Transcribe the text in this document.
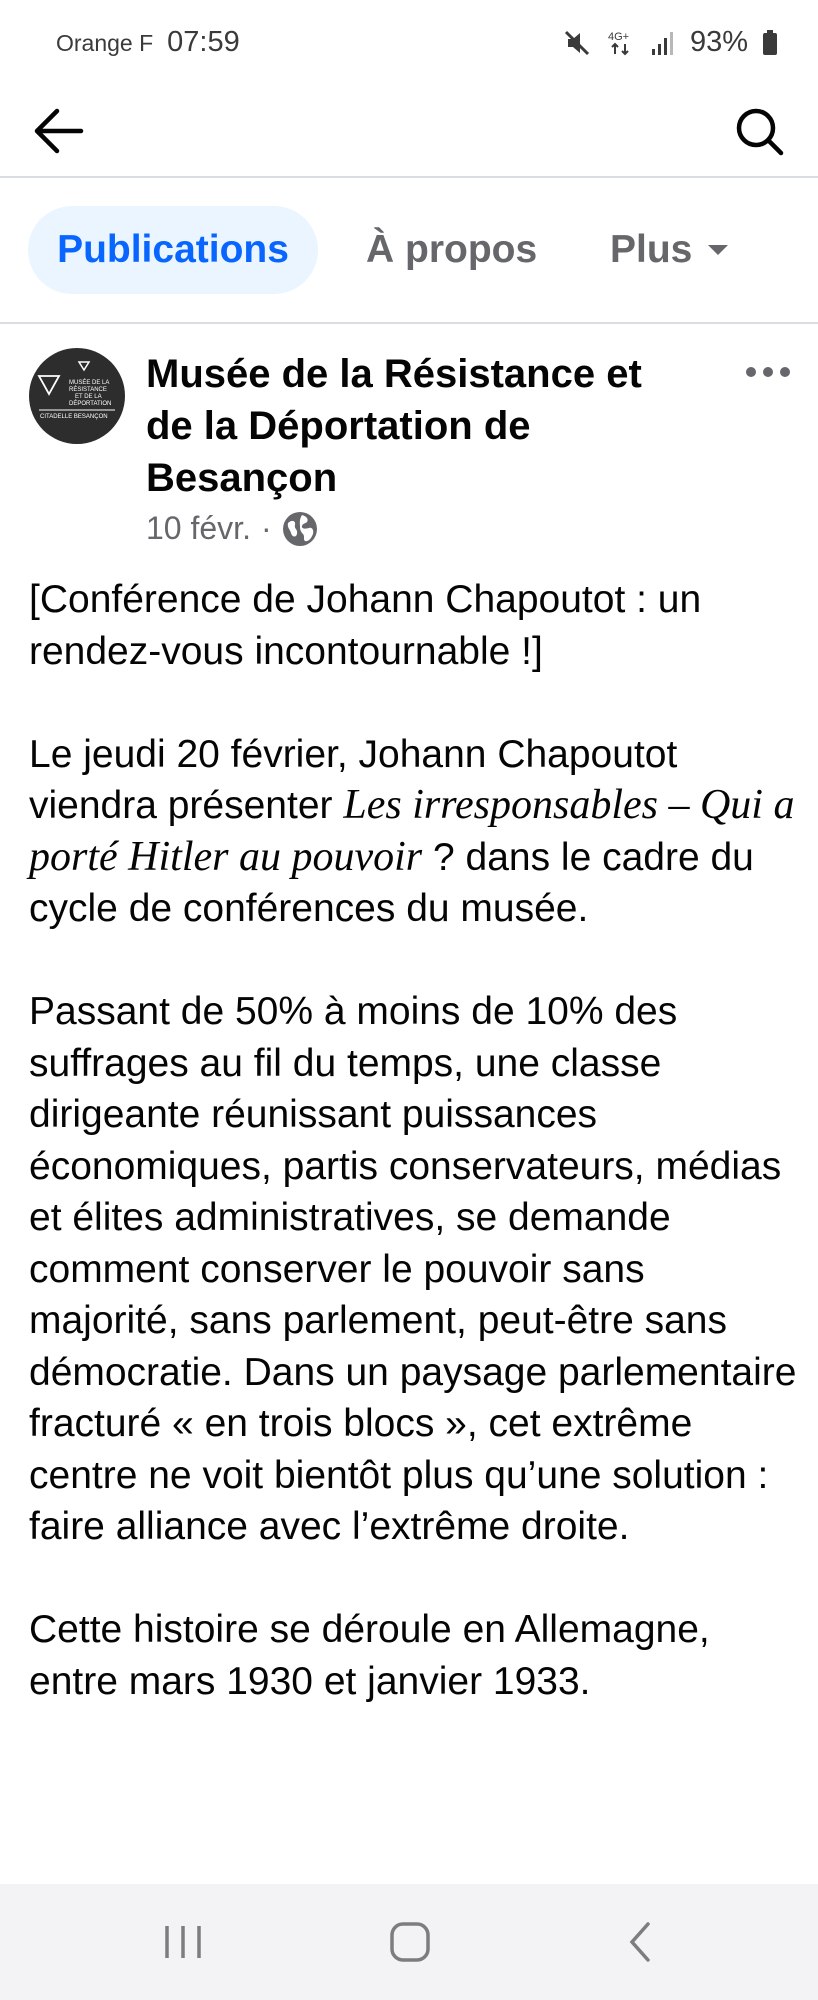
Orange F 07:59	4G+ 93%
Publications À propos Plus
MUSÉE DE LA
RÉSISTANCE
ET DE LA
DÉPORTATION
CITADELLE BESANÇON
Musée de la Résistance et de la Déportation de Besançon
10 févr. ·

[Conférence de Johann Chapoutot : un rendez-vous incontournable !]

Le jeudi 20 février, Johann Chapoutot viendra présenter Les irresponsables – Qui a porté Hitler au pouvoir ? dans le cadre du cycle de conférences du musée.

Passant de 50% à moins de 10% des suffrages au fil du temps, une classe dirigeante réunissant puissances économiques, partis conservateurs, médias et élites administratives, se demande comment conserver le pouvoir sans majorité, sans parlement, peut-être sans démocratie. Dans un paysage parlementaire fracturé « en trois blocs », cet extrême centre ne voit bientôt plus qu’une solution : faire alliance avec l’extrême droite.

Cette histoire se déroule en Allemagne, entre mars 1930 et janvier 1933.
